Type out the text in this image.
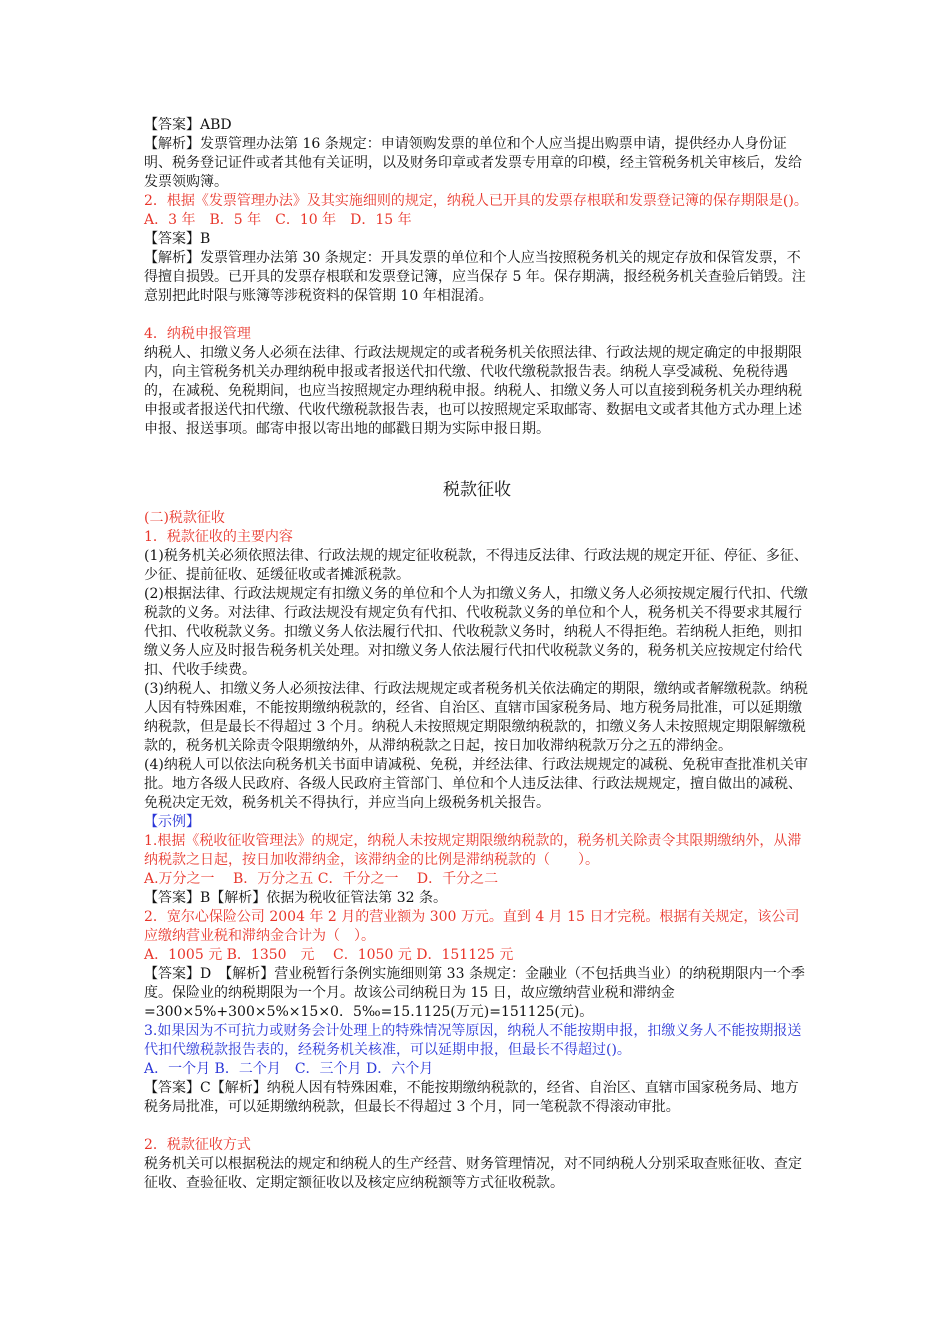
【答案】ABD

【解析】发票管理办法第 16 条规定：申请领购发票的单位和个人应当提出购票申请，提供经办人身份证明、税务登记证件或者其他有关证明，以及财务印章或者发票专用章的印模，经主管税务机关审核后，发给发票领购簿。

2．根据《发票管理办法》及其实施细则的规定，纳税人已开具的发票存根联和发票登记簿的保存期限是()。

A．3 年　B．5 年　C．10 年　D．15 年

【答案】B

【解析】发票管理办法第 30 条规定：开具发票的单位和个人应当按照税务机关的规定存放和保管发票，不得擅自损毁。已开具的发票存根联和发票登记簿，应当保存 5 年。保存期满，报经税务机关查验后销毁。注意别把此时限与账簿等涉税资料的保管期 10 年相混淆。

4．纳税申报管理

纳税人、扣缴义务人必须在法律、行政法规规定的或者税务机关依照法律、行政法规的规定确定的申报期限内，向主管税务机关办理纳税申报或者报送代扣代缴、代收代缴税款报告表。纳税人享受减税、免税待遇的，在减税、免税期间，也应当按照规定办理纳税申报。纳税人、扣缴义务人可以直接到税务机关办理纳税申报或者报送代扣代缴、代收代缴税款报告表，也可以按照规定采取邮寄、数据电文或者其他方式办理上述申报、报送事项。邮寄申报以寄出地的邮戳日期为实际申报日期。

税款征收

(二)税款征收

1．税款征收的主要内容

(1)税务机关必须依照法律、行政法规的规定征收税款，不得违反法律、行政法规的规定开征、停征、多征、少征、提前征收、延缓征收或者摊派税款。

(2)根据法律、行政法规规定有扣缴义务的单位和个人为扣缴义务人，扣缴义务人必须按规定履行代扣、代缴税款的义务。对法律、行政法规没有规定负有代扣、代收税款义务的单位和个人，税务机关不得要求其履行代扣、代收税款义务。扣缴义务人依法履行代扣、代收税款义务时，纳税人不得拒绝。若纳税人拒绝，则扣缴义务人应及时报告税务机关处理。对扣缴义务人依法履行代扣代收税款义务的，税务机关应按规定付给代扣、代收手续费。

(3)纳税人、扣缴义务人必须按法律、行政法规规定或者税务机关依法确定的期限，缴纳或者解缴税款。纳税人因有特殊困难，不能按期缴纳税款的，经省、自治区、直辖市国家税务局、地方税务局批准，可以延期缴纳税款，但是最长不得超过 3 个月。纳税人未按照规定期限缴纳税款的，扣缴义务人未按照规定期限解缴税款的，税务机关除责令限期缴纳外，从滞纳税款之日起，按日加收滞纳税款万分之五的滞纳金。

(4)纳税人可以依法向税务机关书面申请减税、免税，并经法律、行政法规规定的减税、免税审查批准机关审批。地方各级人民政府、各级人民政府主管部门、单位和个人违反法律、行政法规规定，擅自做出的减税、免税决定无效，税务机关不得执行，并应当向上级税务机关报告。

【示例】

1.根据《税收征收管理法》的规定，纳税人未按规定期限缴纳税款的，税务机关除责令其限期缴纳外，从滞纳税款之日起，按日加收滞纳金，该滞纳金的比例是滞纳税款的（　　）。

A.万分之一　 B．万分之五 C．千分之一　 D．千分之二

【答案】B【解析】依据为税收征管法第 32 条。

2．宽尔心保险公司 2004 年 2 月的营业额为 300 万元。直到 4 月 15 日才完税。根据有关规定，该公司应缴纳营业税和滞纳金合计为（　）。

A．1005 元 B．1350　元　 C．1050 元 D．151125 元

【答案】D　【解析】营业税暂行条例实施细则第 33 条规定：金融业（不包括典当业）的纳税期限内一个季度。保险业的纳税期限为一个月。故该公司纳税日为 15 日，故应缴纳营业税和滞纳金=300×5%+300×5%×15×0．5‰=15.1125(万元)=151125(元)。

3.如果因为不可抗力或财务会计处理上的特殊情况等原因，纳税人不能按期申报，扣缴义务人不能按期报送代扣代缴税款报告表的，经税务机关核准，可以延期申报，但最长不得超过()。

A．一个月 B．二个月　C．三个月 D．六个月

【答案】C【解析】纳税人因有特殊困难，不能按期缴纳税款的，经省、自治区、直辖市国家税务局、地方税务局批准，可以延期缴纳税款，但最长不得超过 3 个月，同一笔税款不得滚动审批。

2．税款征收方式

税务机关可以根据税法的规定和纳税人的生产经营、财务管理情况，对不同纳税人分别采取查账征收、查定征收、查验征收、定期定额征收以及核定应纳税额等方式征收税款。
